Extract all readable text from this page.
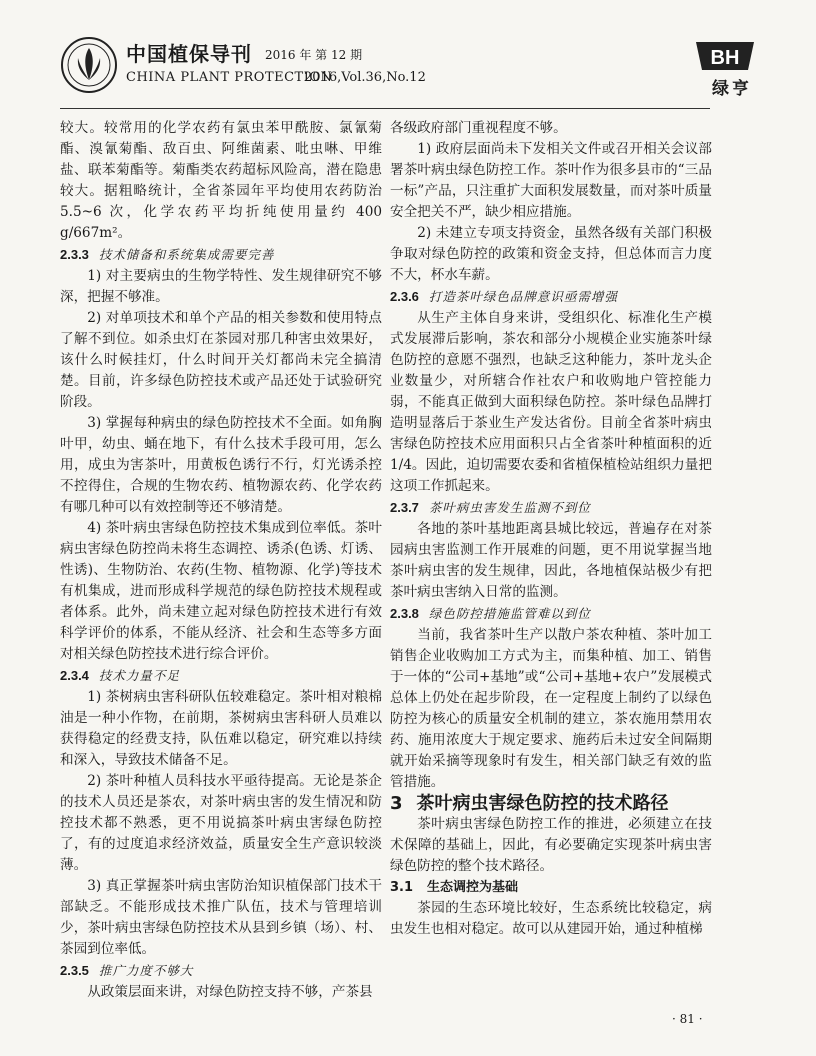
中国植保导刊 2016 年 第 12 期
CHINA PLANT PROTECTION
2016,Vol.36,No.12
BH
绿亨

较大。较常用的化学农药有氯虫苯甲酰胺、氯氰菊酯、溴氰菊酯、敌百虫、阿维菌素、吡虫啉、甲维盐、联苯菊酯等。菊酯类农药超标风险高，潜在隐患较大。据粗略统计，全省茶园年平均使用农药防治 5.5~6 次，化学农药平均折纯使用量约 400 g/667m²。

2.3.3 技术储备和系统集成需要完善

1) 对主要病虫的生物学特性、发生规律研究不够深，把握不够准。

2) 对单项技术和单个产品的相关参数和使用特点了解不到位。如杀虫灯在茶园对那几种害虫效果好，该什么时候挂灯，什么时间开关灯都尚未完全搞清楚。目前，许多绿色防控技术或产品还处于试验研究阶段。

3) 掌握每种病虫的绿色防控技术不全面。如角胸叶甲，幼虫、蛹在地下，有什么技术手段可用，怎么用，成虫为害茶叶，用黄板色诱行不行，灯光诱杀控不控得住，合规的生物农药、植物源农药、化学农药有哪几种可以有效控制等还不够清楚。

4) 茶叶病虫害绿色防控技术集成到位率低。茶叶病虫害绿色防控尚未将生态调控、诱杀(色诱、灯诱、性诱)、生物防治、农药(生物、植物源、化学)等技术有机集成，进而形成科学规范的绿色防控技术规程或者体系。此外，尚未建立起对绿色防控技术进行有效科学评价的体系，不能从经济、社会和生态等多方面对相关绿色防控技术进行综合评价。

2.3.4 技术力量不足

1) 茶树病虫害科研队伍较难稳定。茶叶相对粮棉油是一种小作物，在前期，茶树病虫害科研人员难以获得稳定的经费支持，队伍难以稳定，研究难以持续和深入，导致技术储备不足。

2) 茶叶种植人员科技水平亟待提高。无论是茶企的技术人员还是茶农，对茶叶病虫害的发生情况和防控技术都不熟悉，更不用说搞茶叶病虫害绿色防控了，有的过度追求经济效益，质量安全生产意识较淡薄。

3) 真正掌握茶叶病虫害防治知识植保部门技术干部缺乏。不能形成技术推广队伍，技术与管理培训少，茶叶病虫害绿色防控技术从县到乡镇（场）、村、茶园到位率低。

2.3.5 推广力度不够大

从政策层面来讲，对绿色防控支持不够，产茶县

各级政府部门重视程度不够。

1) 政府层面尚未下发相关文件或召开相关会议部署茶叶病虫绿色防控工作。茶叶作为很多县市的“三品一标”产品，只注重扩大面积发展数量，而对茶叶质量安全把关不严，缺少相应措施。

2) 未建立专项支持资金，虽然各级有关部门积极争取对绿色防控的政策和资金支持，但总体而言力度不大，杯水车薪。

2.3.6 打造茶叶绿色品牌意识亟需增强

从生产主体自身来讲，受组织化、标准化生产模式发展滞后影响，茶农和部分小规模企业实施茶叶绿色防控的意愿不强烈，也缺乏这种能力，茶叶龙头企业数量少，对所辖合作社农户和收购地户管控能力弱，不能真正做到大面积绿色防控。茶叶绿色品牌打造明显落后于茶业生产发达省份。目前全省茶叶病虫害绿色防控技术应用面积只占全省茶叶种植面积的近 1/4。因此，迫切需要农委和省植保植检站组织力量把这项工作抓起来。

2.3.7 茶叶病虫害发生监测不到位

各地的茶叶基地距离县城比较远，普遍存在对茶园病虫害监测工作开展难的问题，更不用说掌握当地茶叶病虫害的发生规律，因此，各地植保站极少有把茶叶病虫害纳入日常的监测。

2.3.8 绿色防控措施监管难以到位

当前，我省茶叶生产以散户茶农种植、茶叶加工销售企业收购加工方式为主，而集种植、加工、销售于一体的“公司+基地”或“公司+基地+农户”发展模式总体上仍处在起步阶段，在一定程度上制约了以绿色防控为核心的质量安全机制的建立，茶农施用禁用农药、施用浓度大于规定要求、施药后未过安全间隔期就开始采摘等现象时有发生，相关部门缺乏有效的监管措施。

3 茶叶病虫害绿色防控的技术路径

茶叶病虫害绿色防控工作的推进，必须建立在技术保障的基础上，因此，有必要确定实现茶叶病虫害绿色防控的整个技术路径。

3.1 生态调控为基础

茶园的生态环境比较好，生态系统比较稳定，病虫发生也相对稳定。故可以从建园开始，通过种植梯

· 81 ·
